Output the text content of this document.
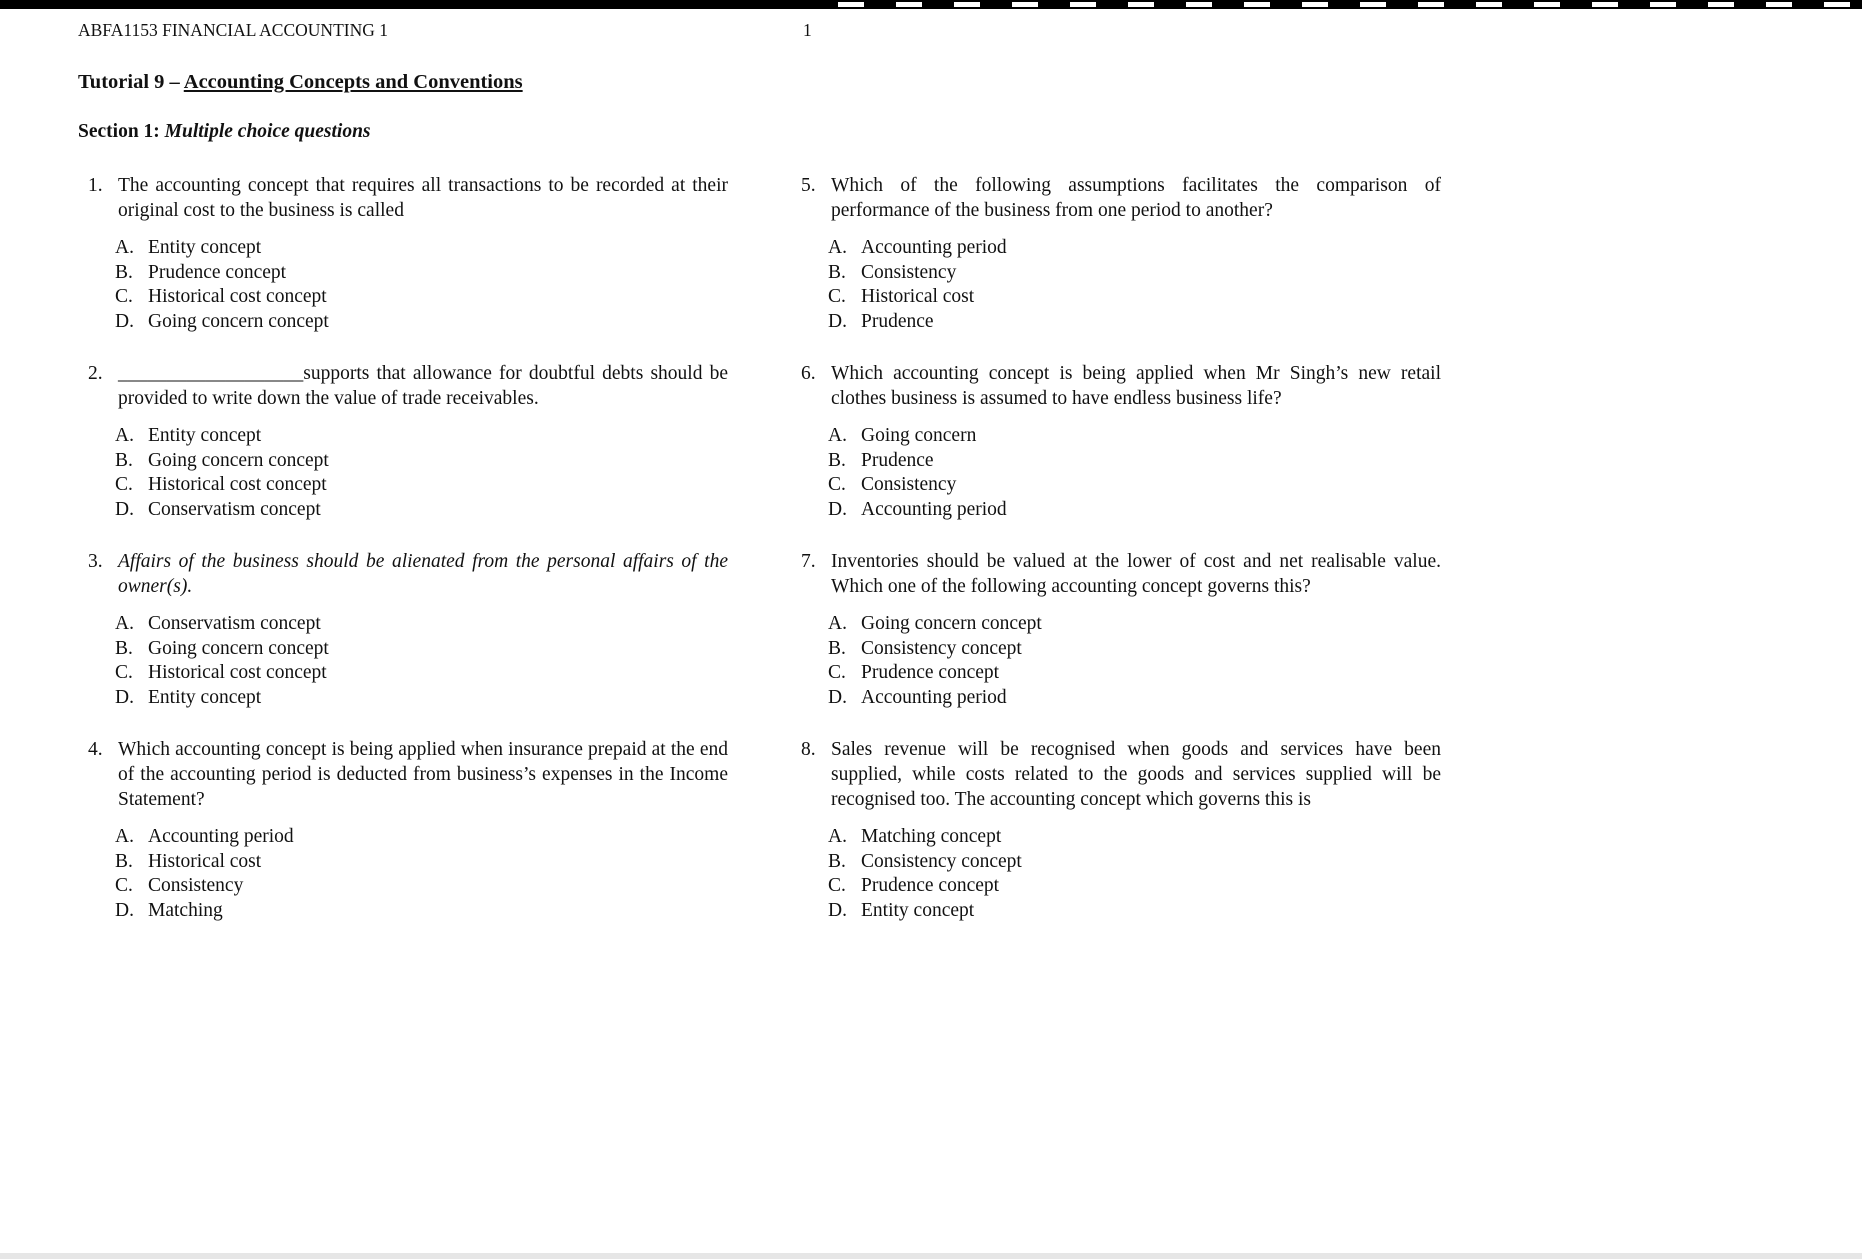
ABFA1153 FINANCIAL ACCOUNTING 1	1
Tutorial 9 – Accounting Concepts and Conventions
Section 1: Multiple choice questions
1. The accounting concept that requires all transactions to be recorded at their original cost to the business is called
A. Entity concept
B. Prudence concept
C. Historical cost concept
D. Going concern concept
2. ___________________supports that allowance for doubtful debts should be provided to write down the value of trade receivables.
A. Entity concept
B. Going concern concept
C. Historical cost concept
D. Conservatism concept
3. Affairs of the business should be alienated from the personal affairs of the owner(s).
A. Conservatism concept
B. Going concern concept
C. Historical cost concept
D. Entity concept
4. Which accounting concept is being applied when insurance prepaid at the end of the accounting period is deducted from business’s expenses in the Income Statement?
A. Accounting period
B. Historical cost
C. Consistency
D. Matching
5. Which of the following assumptions facilitates the comparison of performance of the business from one period to another?
A. Accounting period
B. Consistency
C. Historical cost
D. Prudence
6. Which accounting concept is being applied when Mr Singh’s new retail clothes business is assumed to have endless business life?
A. Going concern
B. Prudence
C. Consistency
D. Accounting period
7. Inventories should be valued at the lower of cost and net realisable value. Which one of the following accounting concept governs this?
A. Going concern concept
B. Consistency concept
C. Prudence concept
D. Accounting period
8. Sales revenue will be recognised when goods and services have been supplied, while costs related to the goods and services supplied will be recognised too. The accounting concept which governs this is
A. Matching concept
B. Consistency concept
C. Prudence concept
D. Entity concept
